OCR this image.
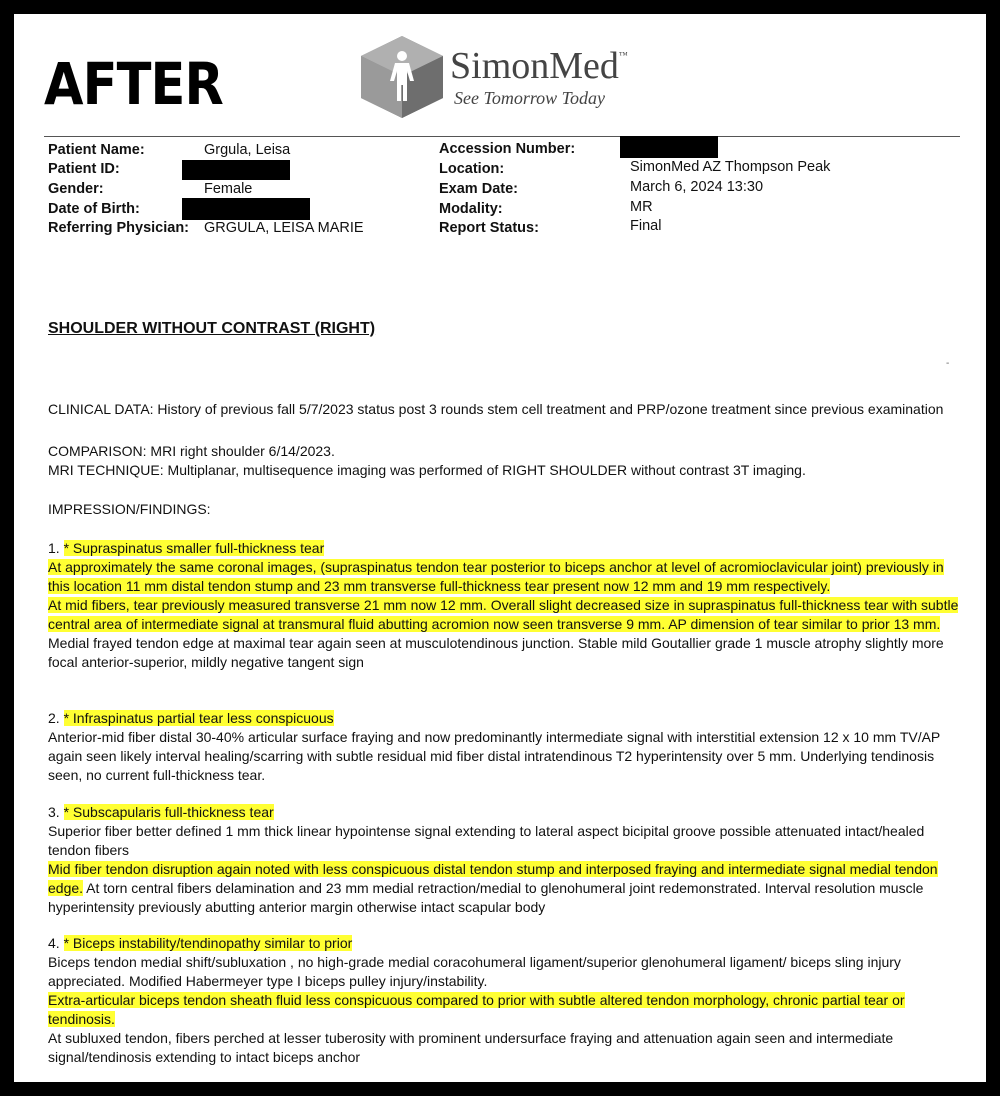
AFTER	SimonMed™
See Tomorrow Today
Patient Name:	Grgula, Leisa
Patient ID:
Gender:	Female
Date of Birth:
Referring Physician: GRGULA, LEISA MARIE
Accession Number:
Location:	SimonMed AZ Thompson Peak
Exam Date:	March 6, 2024 13:30
Modality:	MR
Report Status:	Final
SHOULDER WITHOUT CONTRAST (RIGHT)
-
CLINICAL DATA: History of previous fall 5/7/2023 status post 3 rounds stem cell treatment and PRP/ozone treatment since previous examination
COMPARISON: MRI right shoulder 6/14/2023.
MRI TECHNIQUE: Multiplanar, multisequence imaging was performed of RIGHT SHOULDER without contrast 3T imaging.
IMPRESSION/FINDINGS:
1. * Supraspinatus smaller full-thickness tear
At approximately the same coronal images, (supraspinatus tendon tear posterior to biceps anchor at level of acromioclavicular joint) previously in this location 11 mm distal tendon stump and 23 mm transverse full-thickness tear present now 12 mm and 19 mm respectively.
At mid fibers, tear previously measured transverse 21 mm now 12 mm. Overall slight decreased size in supraspinatus full-thickness tear with subtle central area of intermediate signal at transmural fluid abutting acromion now seen transverse 9 mm. AP dimension of tear similar to prior 13 mm. Medial frayed tendon edge at maximal tear again seen at musculotendinous junction. Stable mild Goutallier grade 1 muscle atrophy slightly more focal anterior-superior, mildly negative tangent sign
2. * Infraspinatus partial tear less conspicuous
Anterior-mid fiber distal 30-40% articular surface fraying and now predominantly intermediate signal with interstitial extension 12 x 10 mm TV/AP again seen likely interval healing/scarring with subtle residual mid fiber distal intratendinous T2 hyperintensity over 5 mm. Underlying tendinosis seen, no current full-thickness tear.
3. * Subscapularis full-thickness tear
Superior fiber better defined 1 mm thick linear hypointense signal extending to lateral aspect bicipital groove possible attenuated intact/healed tendon fibers
Mid fiber tendon disruption again noted with less conspicuous distal tendon stump and interposed fraying and intermediate signal medial tendon edge. At torn central fibers delamination and 23 mm medial retraction/medial to glenohumeral joint redemonstrated. Interval resolution muscle hyperintensity previously abutting anterior margin otherwise intact scapular body
4. * Biceps instability/tendinopathy similar to prior
Biceps tendon medial shift/subluxation , no high-grade medial coracohumeral ligament/superior glenohumeral ligament/ biceps sling injury appreciated. Modified Habermeyer type I biceps pulley injury/instability.
Extra-articular biceps tendon sheath fluid less conspicuous compared to prior with subtle altered tendon morphology, chronic partial tear or tendinosis.
At subluxed tendon, fibers perched at lesser tuberosity with prominent undersurface fraying and attenuation again seen and intermediate signal/tendinosis extending to intact biceps anchor
